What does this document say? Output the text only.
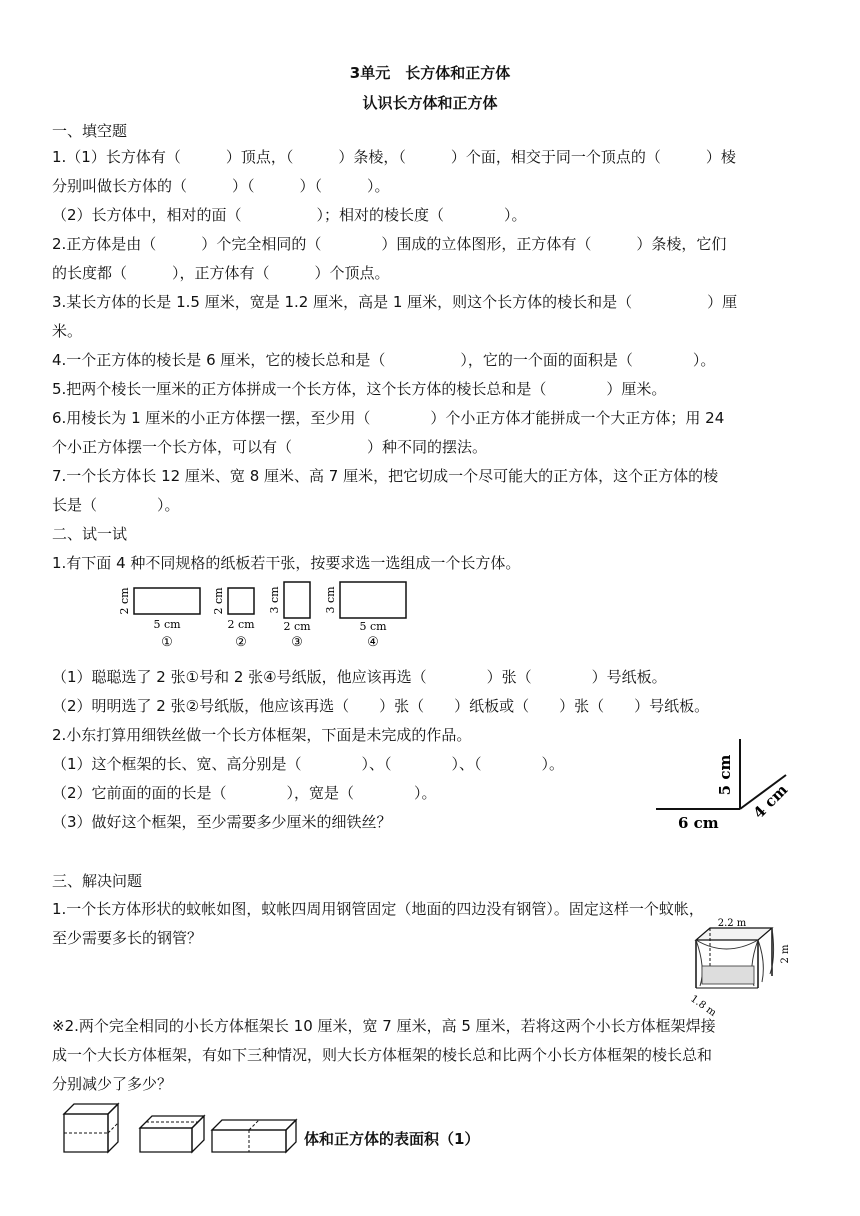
3单元　长方体和正方体
认识长方体和正方体
一、填空题
1.（1）长方体有（　　　）顶点，（　　　）条棱，（　　　）个面，相交于同一个顶点的（　　　）棱
分别叫做长方体的（　　　）（　　　）（　　　）。
（2）长方体中，相对的面（　　　　　）；相对的棱长度（　　　　）。
2.正方体是由（　　　）个完全相同的（　　　　）围成的立体图形，正方体有（　　　）条棱，它们
的长度都（　　　），正方体有（　　　）个顶点。
3.某长方体的长是 1.5 厘米，宽是 1.2 厘米，高是 1 厘米，则这个长方体的棱长和是（　　　　　）厘
米。
4.一个正方体的棱长是 6 厘米，它的棱长总和是（　　　　　），它的一个面的面积是（　　　　）。
5.把两个棱长一厘米的正方体拼成一个长方体，这个长方体的棱长总和是（　　　　）厘米。
6.用棱长为 1 厘米的小正方体摆一摆，至少用（　　　　）个小正方体才能拼成一个大正方体；用 24
个小正方体摆一个长方体，可以有（　　　　　）种不同的摆法。
7.一个长方体长 12 厘米、宽 8 厘米、高 7 厘米，把它切成一个尽可能大的正方体，这个正方体的棱
长是（　　　　）。
二、试一试
1.有下面 4 种不同规格的纸板若干张，按要求选一选组成一个长方体。
2 cm
5 cm
①
2 cm
2 cm
②
3 cm
2 cm
③
3 cm
5 cm
④
（1）聪聪选了 2 张①号和 2 张④号纸版，他应该再选（　　　　）张（　　　　）号纸板。
（2）明明选了 2 张②号纸版，他应该再选（　　）张（　　）纸板或（　　）张（　　）号纸板。
2.小东打算用细铁丝做一个长方体框架，下面是未完成的作品。
（1）这个框架的长、宽、高分别是（　　　　）、（　　　　）、（　　　　）。
（2）它前面的面的长是（　　　　），宽是（　　　　）。
（3）做好这个框架，至少需要多少厘米的细铁丝？	6 cm
5 cm
4 cm
三、解决问题
1.一个长方体形状的蚊帐如图，蚊帐四周用钢管固定（地面的四边没有钢管）。固定这样一个蚊帐，
至少需要多长的钢管？
2.2 m
2 m
1.8 m
※2.两个完全相同的小长方体框架长 10 厘米，宽 7 厘米，高 5 厘米，若将这两个小长方体框架焊接
成一个大长方体框架，有如下三种情况，则大长方体框架的棱长总和比两个小长方体框架的棱长总和
分别减少了多少？
体和正方体的表面积（1）
